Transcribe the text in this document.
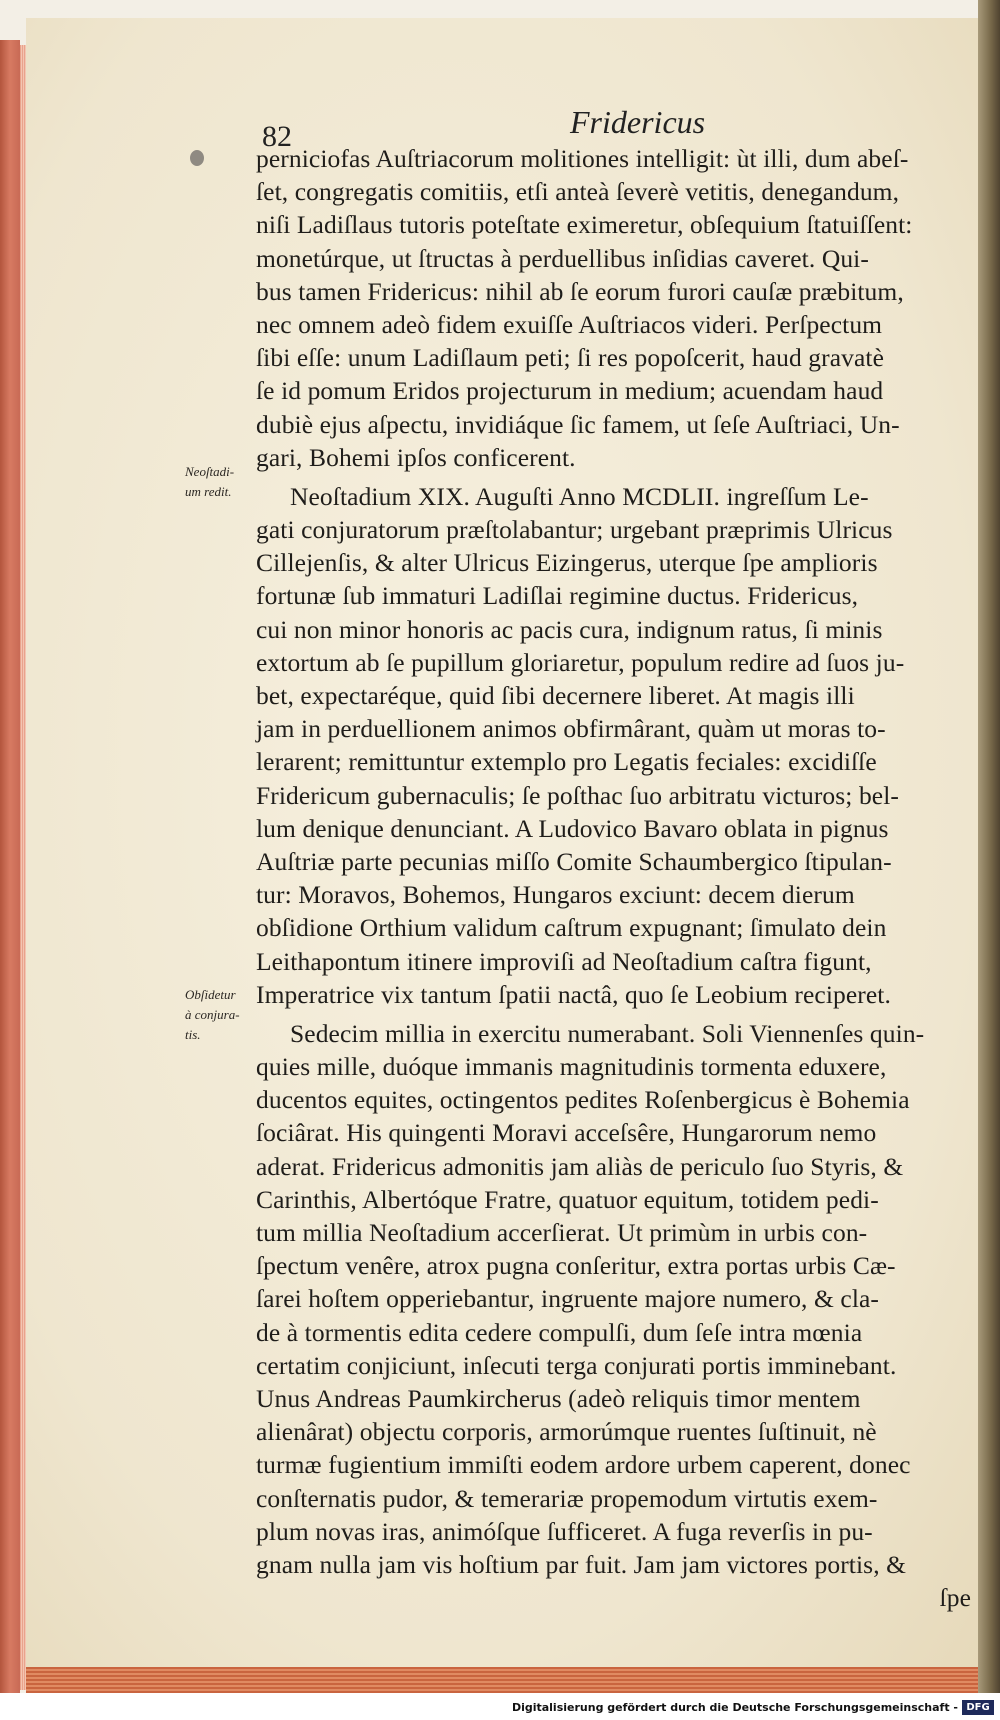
82	Fridericus
Neoſtadi-
um redit.
Obſidetur
à conjura-
tis.
perniciofas Auſtriacorum molitiones intelligit: ùt illi, dum abeſ-
ſet, congregatis comitiis, etſi anteà ſeverè vetitis, denegandum,
niſi Ladiſlaus tutoris poteſtate eximeretur, obſequium ſtatuiſſent:
monetúrque, ut ſtructas à perduellibus inſidias caveret. Qui-
bus tamen Fridericus: nihil ab ſe eorum furori cauſæ præbitum,
nec omnem adeò fidem exuiſſe Auſtriacos videri. Perſpectum
ſibi eſſe: unum Ladiſlaum peti; ſi res popoſcerit, haud gravatè
ſe id pomum Eridos projecturum in medium; acuendam haud
dubiè ejus aſpectu, invidiáque ſic famem, ut ſeſe Auſtriaci, Un-
gari, Bohemi ipſos conficerent.
Neoſtadium XIX. Auguſti Anno MCDLII. ingreſſum Le-
gati conjuratorum præſtolabantur; urgebant præprimis Ulricus
Cillejenſis, & alter Ulricus Eizingerus, uterque ſpe amplioris
fortunæ ſub immaturi Ladiſlai regimine ductus. Fridericus,
cui non minor honoris ac pacis cura, indignum ratus, ſi minis
extortum ab ſe pupillum gloriaretur, populum redire ad ſuos ju-
bet, expectaréque, quid ſibi decernere liberet. At magis illi
jam in perduellionem animos obfirmârant, quàm ut moras to-
lerarent; remittuntur extemplo pro Legatis feciales: excidiſſe
Fridericum gubernaculis; ſe poſthac ſuo arbitratu victuros; bel-
lum denique denunciant. A Ludovico Bavaro oblata in pignus
Auſtriæ parte pecunias miſſo Comite Schaumbergico ſtipulan-
tur: Moravos, Bohemos, Hungaros exciunt: decem dierum
obſidione Orthium validum caſtrum expugnant; ſimulato dein
Leithapontum itinere improviſi ad Neoſtadium caſtra figunt,
Imperatrice vix tantum ſpatii nactâ, quo ſe Leobium reciperet.
Sedecim millia in exercitu numerabant. Soli Viennenſes quin-
quies mille, duóque immanis magnitudinis tormenta eduxere,
ducentos equites, octingentos pedites Roſenbergicus è Bohemia
ſociârat. His quingenti Moravi acceſsêre, Hungarorum nemo
aderat. Fridericus admonitis jam aliàs de periculo ſuo Styris, &
Carinthis, Albertóque Fratre, quatuor equitum, totidem pedi-
tum millia Neoſtadium accerſierat. Ut primùm in urbis con-
ſpectum venêre, atrox pugna conſeritur, extra portas urbis Cæ-
ſarei hoſtem opperiebantur, ingruente majore numero, & cla-
de à tormentis edita cedere compulſi, dum ſeſe intra mœnia
certatim conjiciunt, inſecuti terga conjurati portis imminebant.
Unus Andreas Paumkircherus (adeò reliquis timor mentem
alienârat) objectu corporis, armorúmque ruentes ſuſtinuit, nè
turmæ fugientium immiſti eodem ardore urbem caperent, donec
conſternatis pudor, & temerariæ propemodum virtutis exem-
plum novas iras, animóſque ſufficeret. A fuga reverſis in pu-
gnam nulla jam vis hoſtium par fuit. Jam jam victores portis, &
ſpe
Digitalisierung gefördert durch die Deutsche Forschungsgemeinschaft - DFG
